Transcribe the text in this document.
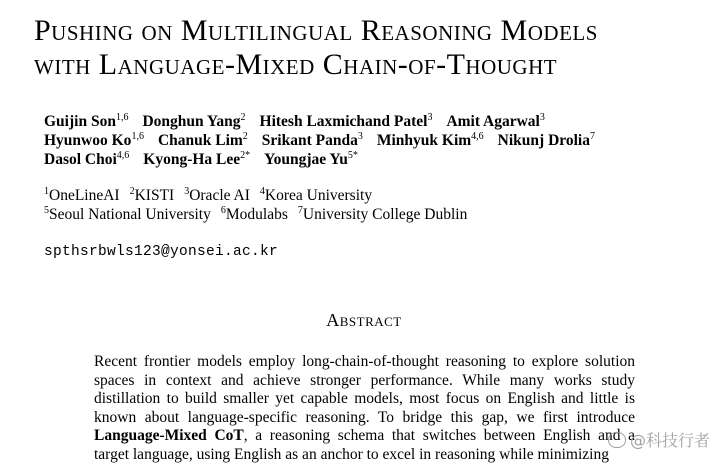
Pushing on Multilingual Reasoning Models
with Language-Mixed Chain-of-Thought
Guijin Son$^{1,6}$ Donghun Yang$^2$ Hitesh Laxmichand Patel$^3$ Amit Agarwal$^3$
Hyunwoo Ko$^{1,6}$ Chanuk Lim$^2$ Srikant Panda$^3$ Minhyuk Kim$^{4,6}$ Nikunj Drolia$^7$
Dasol Choi$^{4,6}$ Kyong-Ha Lee$^{2*}$ Youngjae $Yu^{5*}$
$^1$OneLineAI $^2$KISTI $^3$Oracle AI $^4$Korea University
$^5$Seoul National University $^6$Modulabs $^7$University College Dublin
spthsrbwls123@yonsei.ac.kr
Abstract
Recent frontier models employ long-chain-of-thought reasoning to explore solution spaces in context and achieve stronger performance. While many works study distillation to build smaller yet capable models, most focus on English and little is known about language-specific reasoning. To bridge this gap, we first introduce Language-Mixed CoT, a reasoning schema that switches between English and a target language, using English as an anchor to excel in reasoning while minimizing
@科技行者
